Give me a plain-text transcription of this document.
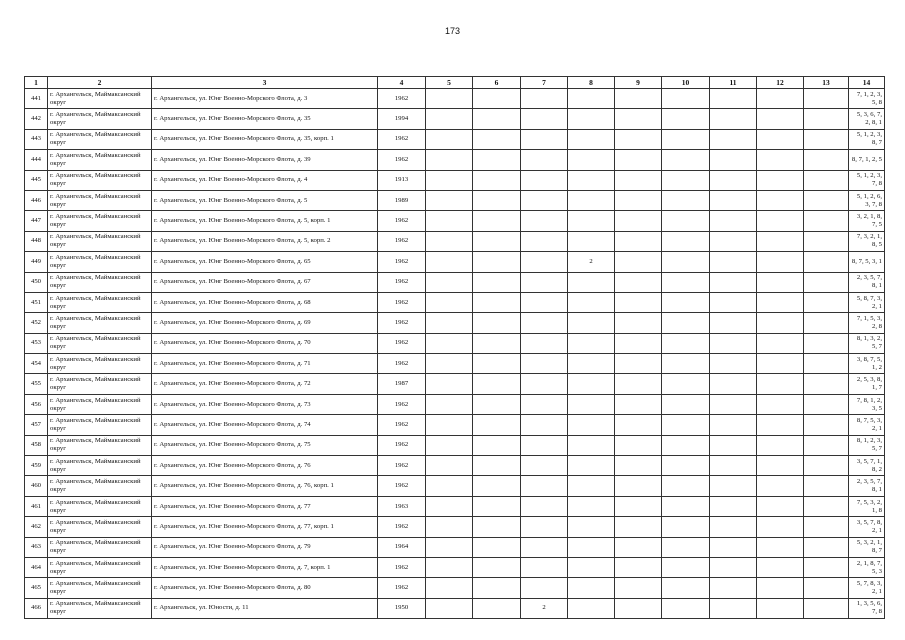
173
1	2	3	4	5	6	7	8	9	10	11	12	13	14
441	г. Архангельск, Маймаксанский округ	г. Архангельск, ул. Юнг Военно-Морского Флота, д. 3	1962										7, 1, 2, 3, 5, 8
442	г. Архангельск, Маймаксанский округ	г. Архангельск, ул. Юнг Военно-Морского Флота, д. 35	1994										5, 3, 6, 7, 2, 8, 1
443	г. Архангельск, Маймаксанский округ	г. Архангельск, ул. Юнг Военно-Морского Флота, д. 35, корп. 1	1962										5, 1, 2, 3, 8, 7
444	г. Архангельск, Маймаксанский округ	г. Архангельск, ул. Юнг Военно-Морского Флота, д. 39	1962										8, 7, 1, 2, 5
445	г. Архангельск, Маймаксанский округ	г. Архангельск, ул. Юнг Военно-Морского Флота, д. 4	1913										5, 1, 2, 3, 7, 8
446	г. Архангельск, Маймаксанский округ	г. Архангельск, ул. Юнг Военно-Морского Флота, д. 5	1989										5, 1, 2, 6, 3, 7, 8
447	г. Архангельск, Маймаксанский округ	г. Архангельск, ул. Юнг Военно-Морского Флота, д. 5, корп. 1	1962										3, 2, 1, 8, 7, 5
448	г. Архангельск, Маймаксанский округ	г. Архангельск, ул. Юнг Военно-Морского Флота, д. 5, корп. 2	1962										7, 3, 2, 1, 8, 5
449	г. Архангельск, Маймаксанский округ	г. Архангельск, ул. Юнг Военно-Морского Флота, д. 65	1962				2						8, 7, 5, 3, 1
450	г. Архангельск, Маймаксанский округ	г. Архангельск, ул. Юнг Военно-Морского Флота, д. 67	1962										2, 3, 5, 7, 8, 1
451	г. Архангельск, Маймаксанский округ	г. Архангельск, ул. Юнг Военно-Морского Флота, д. 68	1962										5, 8, 7, 3, 2, 1
452	г. Архангельск, Маймаксанский округ	г. Архангельск, ул. Юнг Военно-Морского Флота, д. 69	1962										7, 1, 5, 3, 2, 8
453	г. Архангельск, Маймаксанский округ	г. Архангельск, ул. Юнг Военно-Морского Флота, д. 70	1962										8, 1, 3, 2, 5, 7
454	г. Архангельск, Маймаксанский округ	г. Архангельск, ул. Юнг Военно-Морского Флота, д. 71	1962										3, 8, 7, 5, 1, 2
455	г. Архангельск, Маймаксанский округ	г. Архангельск, ул. Юнг Военно-Морского Флота, д. 72	1987										2, 5, 3, 8, 1, 7
456	г. Архангельск, Маймаксанский округ	г. Архангельск, ул. Юнг Военно-Морского Флота, д. 73	1962										7, 8, 1, 2, 3, 5
457	г. Архангельск, Маймаксанский округ	г. Архангельск, ул. Юнг Военно-Морского Флота, д. 74	1962										8, 7, 5, 3, 2, 1
458	г. Архангельск, Маймаксанский округ	г. Архангельск, ул. Юнг Военно-Морского Флота, д. 75	1962										8, 1, 2, 3, 5, 7
459	г. Архангельск, Маймаксанский округ	г. Архангельск, ул. Юнг Военно-Морского Флота, д. 76	1962										3, 5, 7, 1, 8, 2
460	г. Архангельск, Маймаксанский округ	г. Архангельск, ул. Юнг Военно-Морского Флота, д. 76, корп. 1	1962										2, 3, 5, 7, 8, 1
461	г. Архангельск, Маймаксанский округ	г. Архангельск, ул. Юнг Военно-Морского Флота, д. 77	1963										7, 5, 3, 2, 1, 8
462	г. Архангельск, Маймаксанский округ	г. Архангельск, ул. Юнг Военно-Морского Флота, д. 77, корп. 1	1962										3, 5, 7, 8, 2, 1
463	г. Архангельск, Маймаксанский округ	г. Архангельск, ул. Юнг Военно-Морского Флота, д. 79	1964										5, 3, 2, 1, 8, 7
464	г. Архангельск, Маймаксанский округ	г. Архангельск, ул. Юнг Военно-Морского Флота, д. 7, корп. 1	1962										2, 1, 8, 7, 5, 3
465	г. Архангельск, Маймаксанский округ	г. Архангельск, ул. Юнг Военно-Морского Флота, д. 80	1962										5, 7, 8, 3, 2, 1
466	г. Архангельск, Маймаксанский округ	г. Архангельск, ул. Юности, д. 11	1950			2							1, 3, 5, 6, 7, 8
